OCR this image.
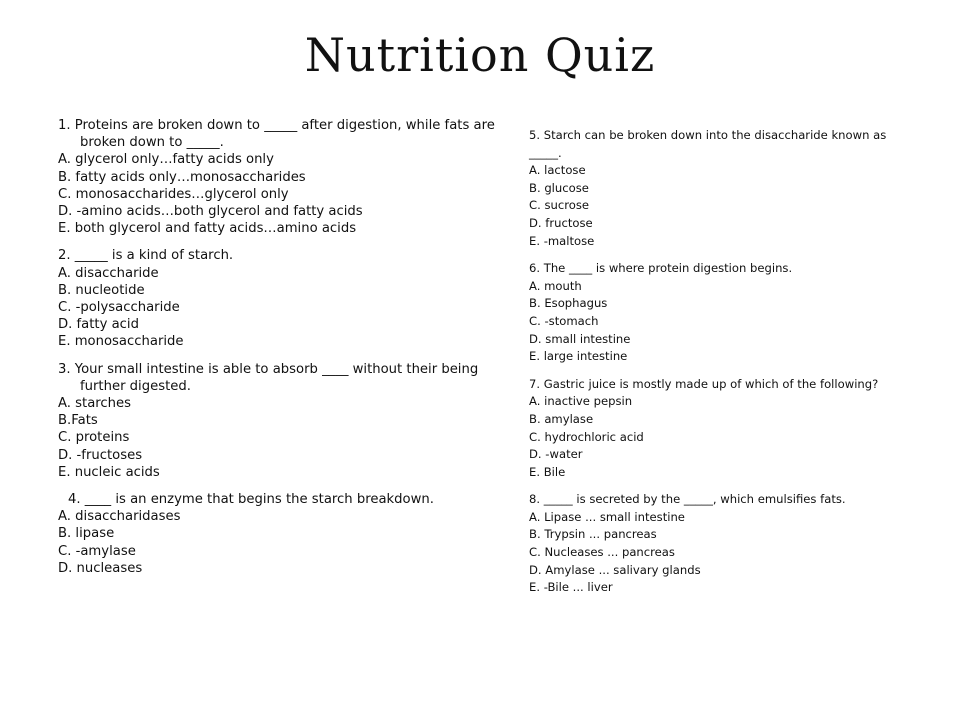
Nutrition Quiz

1. Proteins are broken down to _____ after digestion, while fats are broken down to _____.

A. glycerol only…fatty acids only

B. fatty acids only…monosaccharides

C. monosaccharides…glycerol only

D. -amino acids…both glycerol and fatty acids

E. both glycerol and fatty acids…amino acids

2. _____ is a kind of starch.

A. disaccharide

B. nucleotide

C. -polysaccharide

D. fatty acid

E. monosaccharide

3. Your small intestine is able to absorb ____ without their being further digested.

A. starches

B.Fats

C. proteins

D. -fructoses

E. nucleic acids

4. ____ is an enzyme that begins the starch breakdown.

A. disaccharidases

B. lipase

C. -amylase

D. nucleases

5. Starch can be broken down into the disaccharide known as _____.

A. lactose

B. glucose

C. sucrose

D. fructose

E. -maltose

6. The ____ is where protein digestion begins.

A. mouth

B. Esophagus

C. -stomach

D. small intestine

E. large intestine

7. Gastric juice is mostly made up of which of the following?

A. inactive pepsin

B. amylase

C. hydrochloric acid

D. -water

E. Bile

8. _____ is secreted by the _____, which emulsifies fats.

A. Lipase ... small intestine

B. Trypsin ... pancreas

C. Nucleases ... pancreas

D. Amylase ... salivary glands

E. -Bile ... liver
